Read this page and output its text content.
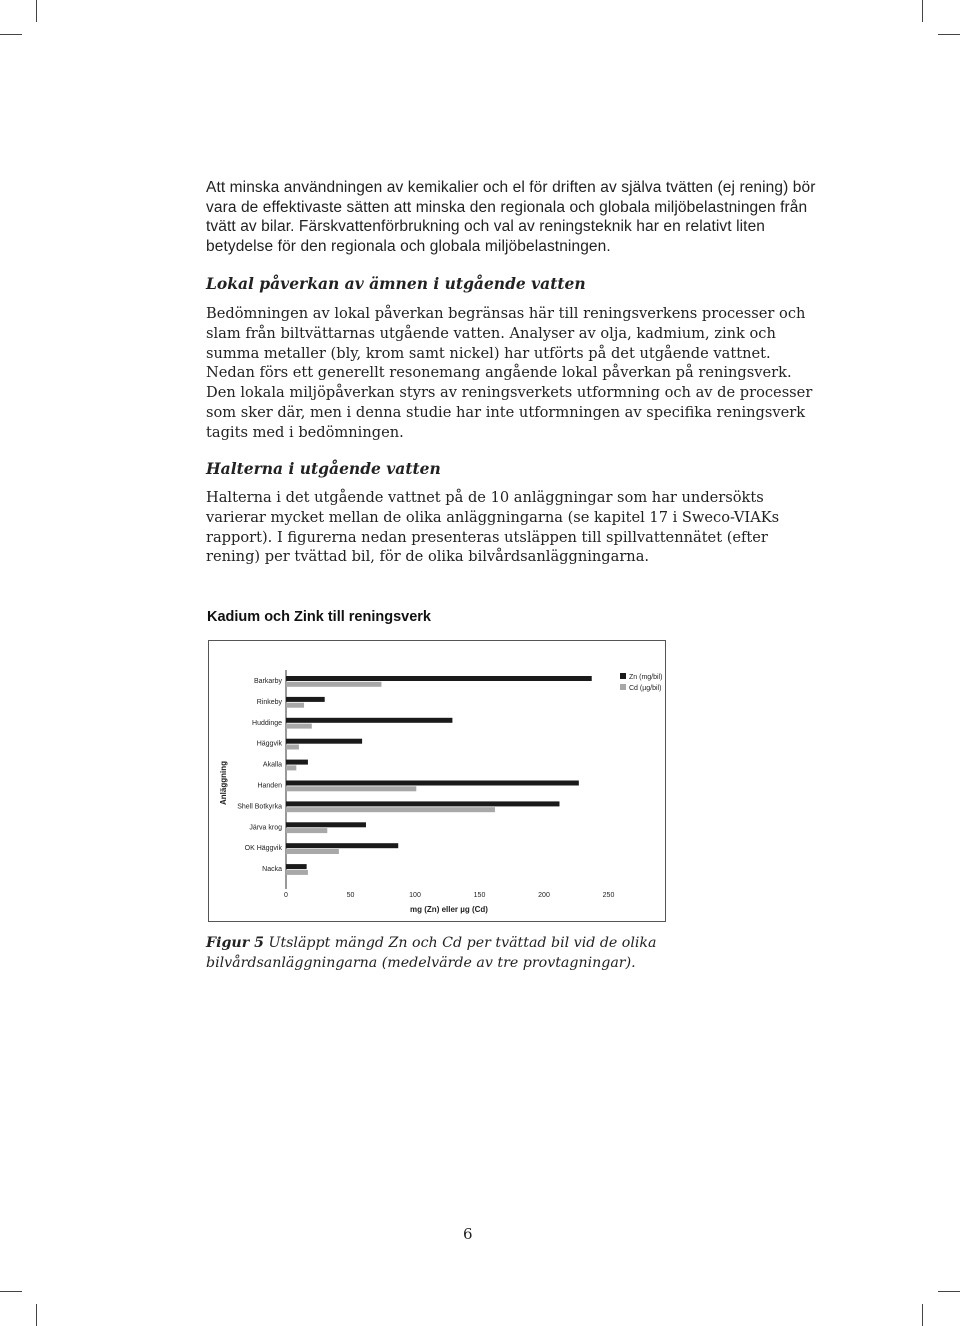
Att minska användningen av kemikalier och el för driften av själva tvätten (ej rening) bör vara de effektivaste sätten att minska den regionala och globala miljöbelastningen från tvätt av bilar. Färskvattenförbrukning och val av reningsteknik har en relativt liten betydelse för den regionala och globala miljöbelastningen.

Lokal påverkan av ämnen i utgående vatten

Bedömningen av lokal påverkan begränsas här till reningsverkens processer och slam från biltvättarnas utgående vatten. Analyser av olja, kadmium, zink och summa metaller (bly, krom samt nickel) har utförts på det utgående vattnet. Nedan förs ett generellt resonemang angående lokal påverkan på reningsverk. Den lokala miljöpåverkan styrs av reningsverkets utformning och av de processer som sker där, men i denna studie har inte utformningen av specifika reningsverk tagits med i bedömningen.

Halterna i utgående vatten

Halterna i det utgående vattnet på de 10 anläggningar som har undersökts varierar mycket mellan de olika anläggningarna (se kapitel 17 i Sweco-VIAKs rapport). I figurerna nedan presenteras utsläppen till spillvattennätet (efter rening) per tvättad bil, för de olika bilvårdsanläggningarna.

Kadium och Zink till reningsverk
Barkarby
Rinkeby
Huddinge
Häggvik
Akalla
Handen
Shell Botkyrka
Järva krog
OK Häggvik
Nacka
0	50	100	150	200	250
mg (Zn) eller µg (Cd)
Anläggning
Zn (mg/bil)
Cd (µg/bil)

Figur 5 Utsläppt mängd Zn och Cd per tvättad bil vid de olika bilvårdsanläggningarna (medelvärde av tre provtagningar).

6
